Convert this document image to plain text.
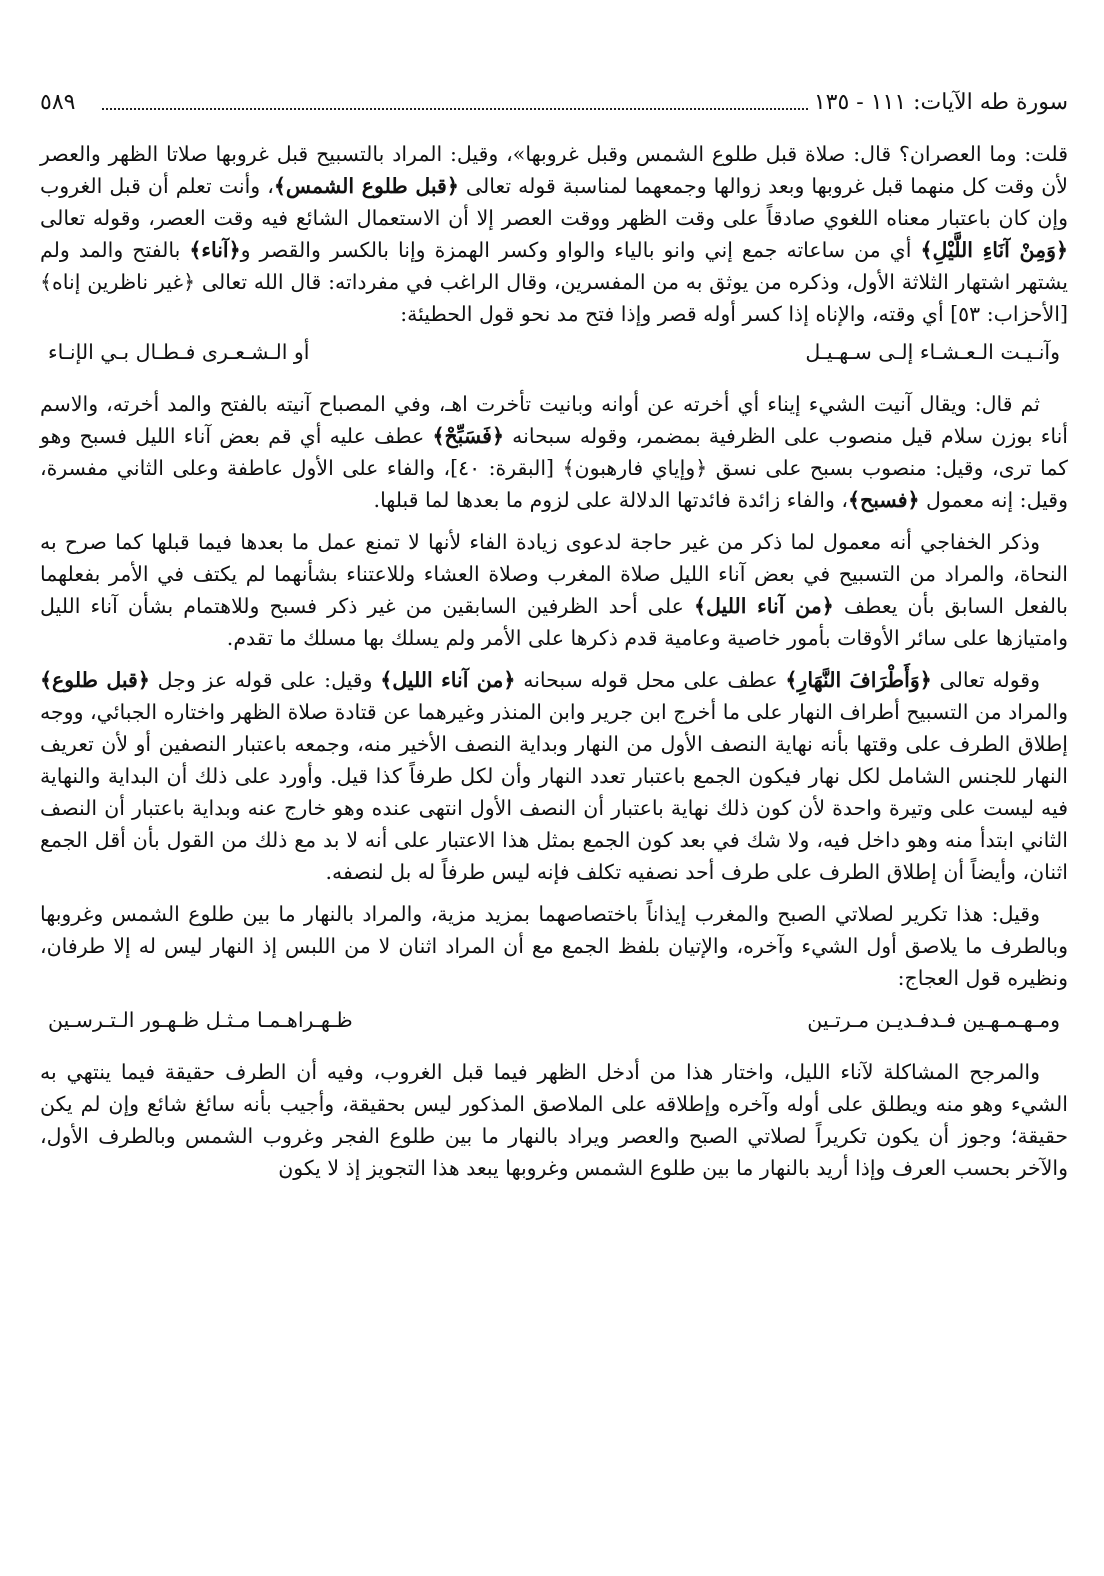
سورة طه الآيات: ١١١ - ١٣٥
٥٨٩

قلت: وما العصران؟ قال: صلاة قبل طلوع الشمس وقبل غروبها»، وقيل: المراد بالتسبيح قبل غروبها صلاتا الظهر والعصر لأن وقت كل منهما قبل غروبها وبعد زوالها وجمعهما لمناسبة قوله تعالى ﴿قبل طلوع الشمس﴾، وأنت تعلم أن قبل الغروب وإن كان باعتبار معناه اللغوي صادقاً على وقت الظهر ووقت العصر إلا أن الاستعمال الشائع فيه وقت العصر، وقوله تعالى ﴿وَمِنْ آنَاءِ اللَّيْلِ﴾ أي من ساعاته جمع إني وانو بالياء والواو وكسر الهمزة وإنا بالكسر والقصر و﴿آناء﴾ بالفتح والمد ولم يشتهر اشتهار الثلاثة الأول، وذكره من يوثق به من المفسرين، وقال الراغب في مفرداته: قال الله تعالى ﴿غير ناظرين إناه﴾ [الأحزاب: ٥٣] أي وقته، والإناه إذا كسر أوله قصر وإذا فتح مد نحو قول الحطيئة:

وآنـيـت الـعـشـاء إلـى سـهـيـل
أو الـشـعـرى فـطـال بـي الإنـاء

ثم قال: ويقال آنيت الشيء إيناء أي أخرته عن أوانه وبانيت تأخرت اهـ، وفي المصباح آنيته بالفتح والمد أخرته، والاسم أناء بوزن سلام قيل منصوب على الظرفية بمضمر، وقوله سبحانه ﴿فَسَبِّحْ﴾ عطف عليه أي قم بعض آناء الليل فسبح وهو كما ترى، وقيل: منصوب بسبح على نسق ﴿وإياي فارهبون﴾ [البقرة: ٤٠]، والفاء على الأول عاطفة وعلى الثاني مفسرة، وقيل: إنه معمول ﴿فسبح﴾، والفاء زائدة فائدتها الدلالة على لزوم ما بعدها لما قبلها.

وذكر الخفاجي أنه معمول لما ذكر من غير حاجة لدعوى زيادة الفاء لأنها لا تمنع عمل ما بعدها فيما قبلها كما صرح به النحاة، والمراد من التسبيح في بعض آناء الليل صلاة المغرب وصلاة العشاء وللاعتناء بشأنهما لم يكتف في الأمر بفعلهما بالفعل السابق بأن يعطف ﴿من آناء الليل﴾ على أحد الظرفين السابقين من غير ذكر فسبح وللاهتمام بشأن آناء الليل وامتيازها على سائر الأوقات بأمور خاصية وعامية قدم ذكرها على الأمر ولم يسلك بها مسلك ما تقدم.

وقوله تعالى ﴿وَأَطْرَافَ النَّهَارِ﴾ عطف على محل قوله سبحانه ﴿من آناء الليل﴾ وقيل: على قوله عز وجل ﴿قبل طلوع﴾ والمراد من التسبيح أطراف النهار على ما أخرج ابن جرير وابن المنذر وغيرهما عن قتادة صلاة الظهر واختاره الجبائي، ووجه إطلاق الطرف على وقتها بأنه نهاية النصف الأول من النهار وبداية النصف الأخير منه، وجمعه باعتبار النصفين أو لأن تعريف النهار للجنس الشامل لكل نهار فيكون الجمع باعتبار تعدد النهار وأن لكل طرفاً كذا قيل. وأورد على ذلك أن البداية والنهاية فيه ليست على وتيرة واحدة لأن كون ذلك نهاية باعتبار أن النصف الأول انتهى عنده وهو خارج عنه وبداية باعتبار أن النصف الثاني ابتدأ منه وهو داخل فيه، ولا شك في بعد كون الجمع بمثل هذا الاعتبار على أنه لا بد مع ذلك من القول بأن أقل الجمع اثنان، وأيضاً أن إطلاق الطرف على طرف أحد نصفيه تكلف فإنه ليس طرفاً له بل لنصفه.

وقيل: هذا تكرير لصلاتي الصبح والمغرب إيذاناً باختصاصهما بمزيد مزية، والمراد بالنهار ما بين طلوع الشمس وغروبها وبالطرف ما يلاصق أول الشيء وآخره، والإتيان بلفظ الجمع مع أن المراد اثنان لا من اللبس إذ النهار ليس له إلا طرفان، ونظيره قول العجاج:

ومـهـمـهـين فـدفـديـن مـرتـين
ظـهـراهـمـا مـثـل ظـهـور الـتـرسـين

والمرجح المشاكلة لآناء الليل، واختار هذا من أدخل الظهر فيما قبل الغروب، وفيه أن الطرف حقيقة فيما ينتهي به الشيء وهو منه ويطلق على أوله وآخره وإطلاقه على الملاصق المذكور ليس بحقيقة، وأجيب بأنه سائغ شائع وإن لم يكن حقيقة؛ وجوز أن يكون تكريراً لصلاتي الصبح والعصر ويراد بالنهار ما بين طلوع الفجر وغروب الشمس وبالطرف الأول، والآخر بحسب العرف وإذا أريد بالنهار ما بين طلوع الشمس وغروبها يبعد هذا التجويز إذ لا يكون
